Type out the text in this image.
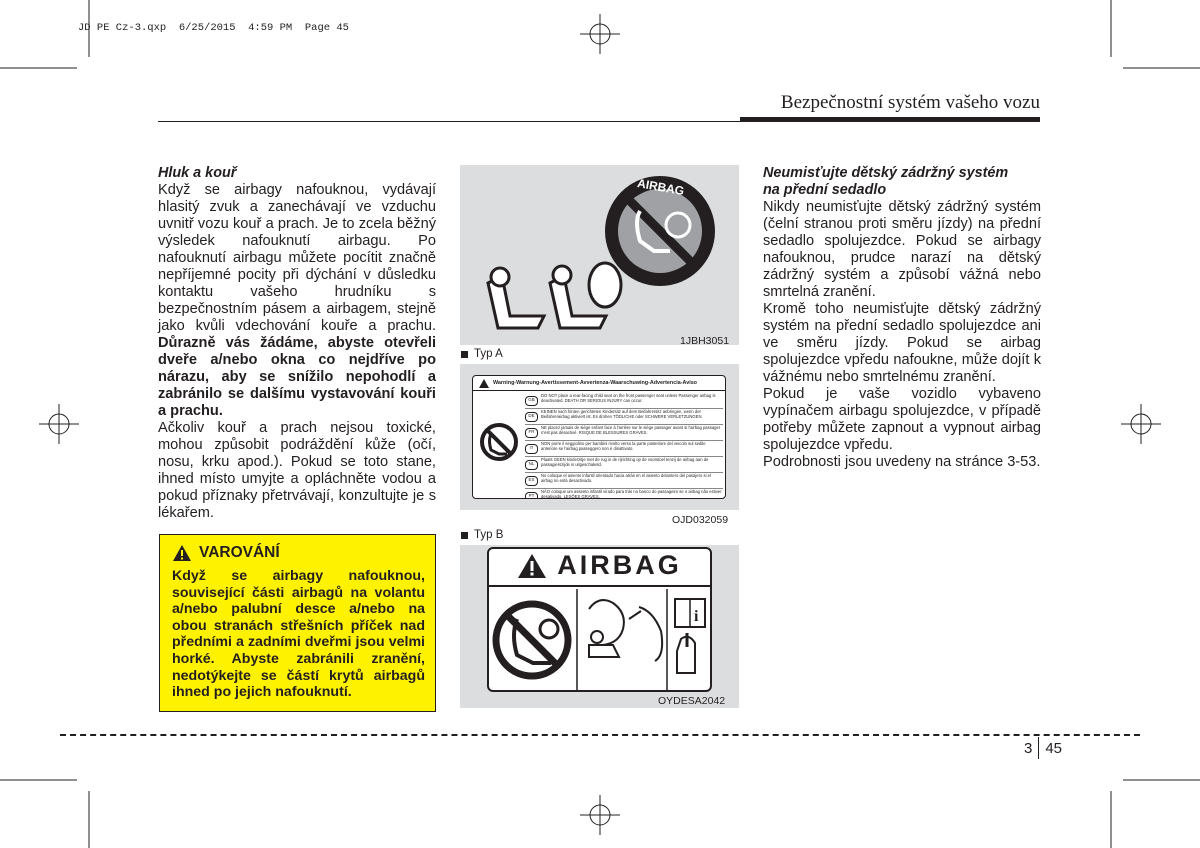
JD PE Cz-3.qxp  6/25/2015  4:59 PM  Page 45
Bezpečnostní systém vašeho vozu
Hluk a kouř

Když se airbagy nafouknou, vydávají hlasitý zvuk a zanechávají ve vzduchu uvnitř vozu kouř a prach. Je to zcela běžný výsledek nafouknutí airbagu. Po nafouknutí airbagu můžete pocítit značně nepříjemné pocity při dýchání v důsledku kontaktu vašeho hrudníku s bezpečnostním pásem a airbagem, stejně jako kvůli vdechování kouře a prachu. Důrazně vás žádáme, abyste otevřeli dveře a/nebo okna co nejdříve po nárazu, aby se snížilo nepohodlí a zabránilo se dalšímu vystavování kouři a prachu.

Ačkoliv kouř a prach nejsou toxické, mohou způsobit podráždění kůže (očí, nosu, krku apod.). Pokud se toto stane, ihned místo umyjte a opláchněte vodou a pokud příznaky přetrvávají, konzultujte je s lékařem.

VAROVÁNÍ
Když se airbagy nafouknou, související části airbagů na volantu a/nebo palubní desce a/nebo na obou stranách střešních příček nad předními a zadními dveřmi jsou velmi horké. Abyste zabránili zranění, nedotýkejte se částí krytů airbagů ihned po jejich nafouknutí.
AIRBAG
1JBH3051
Typ A
Warning-Warnung-Avertissement-Avvertenza-Waarschuwing-Advertencia-Aviso
GB
DO NOT place a rear-facing child seat on the front passenger seat unless Passenger airbag is deactivated. DEATH OR SERIOUS INJURY can occur.
DE
KEINEN nach hinten gerichteten Kindersitz auf dem Beifahrersitz anbringen, wenn der Beifahrerairbag aktiviert ist. Es drohen TÖDLICHE oder SCHWERE VERLETZUNGEN.
FR
NE placez jamais de siège enfant face à l'arrière sur le siège passager avant si l'airbag passager n'est pas désactivé. RISQUE DE BLESSURES GRAVES.
IT
NON porre il seggiolino per bambini rivolto verso la parte posteriore del veicolo sul sedile anteriore se l'airbag passeggero non è disattivato.
NL
Plaats GEEN kinderzitje met de rug in de rijrichting op de voorstoel tenzij de airbag aan de passagierszijde is uitgeschakeld.
ES
No coloque el asiento infantil orientado hacia atrás en el asiento delantero del pasajero si el airbag no está desactivado.
PT
NÃO coloque um assento infantil virado para trás no banco do passageiro se o airbag não estiver desativado. LESÕES GRAVES.
OJD032059
Typ B
AIRBAG
i
OYDESA2042
Neumisťujte dětský zádržný systém
na přední sedadlo

Nikdy neumisťujte dětský zádržný systém (čelní stranou proti směru jízdy) na přední sedadlo spolujezdce. Pokud se airbagy nafouknou, prudce narazí na dětský zádržný systém a způsobí vážná nebo smrtelná zranění.

Kromě toho neumisťujte dětský zádržný systém na přední sedadlo spolujezdce ani ve směru jízdy. Pokud se airbag spolujezdce vpředu nafoukne, může dojít k vážnému nebo smrtelnému zranění.

Pokud je vaše vozidlo vybaveno vypínačem airbagu spolujezdce, v případě potřeby můžete zapnout a vypnout airbag spolujezdce vpředu.

Podrobnosti jsou uvedeny na stránce 3-53.

3 45
